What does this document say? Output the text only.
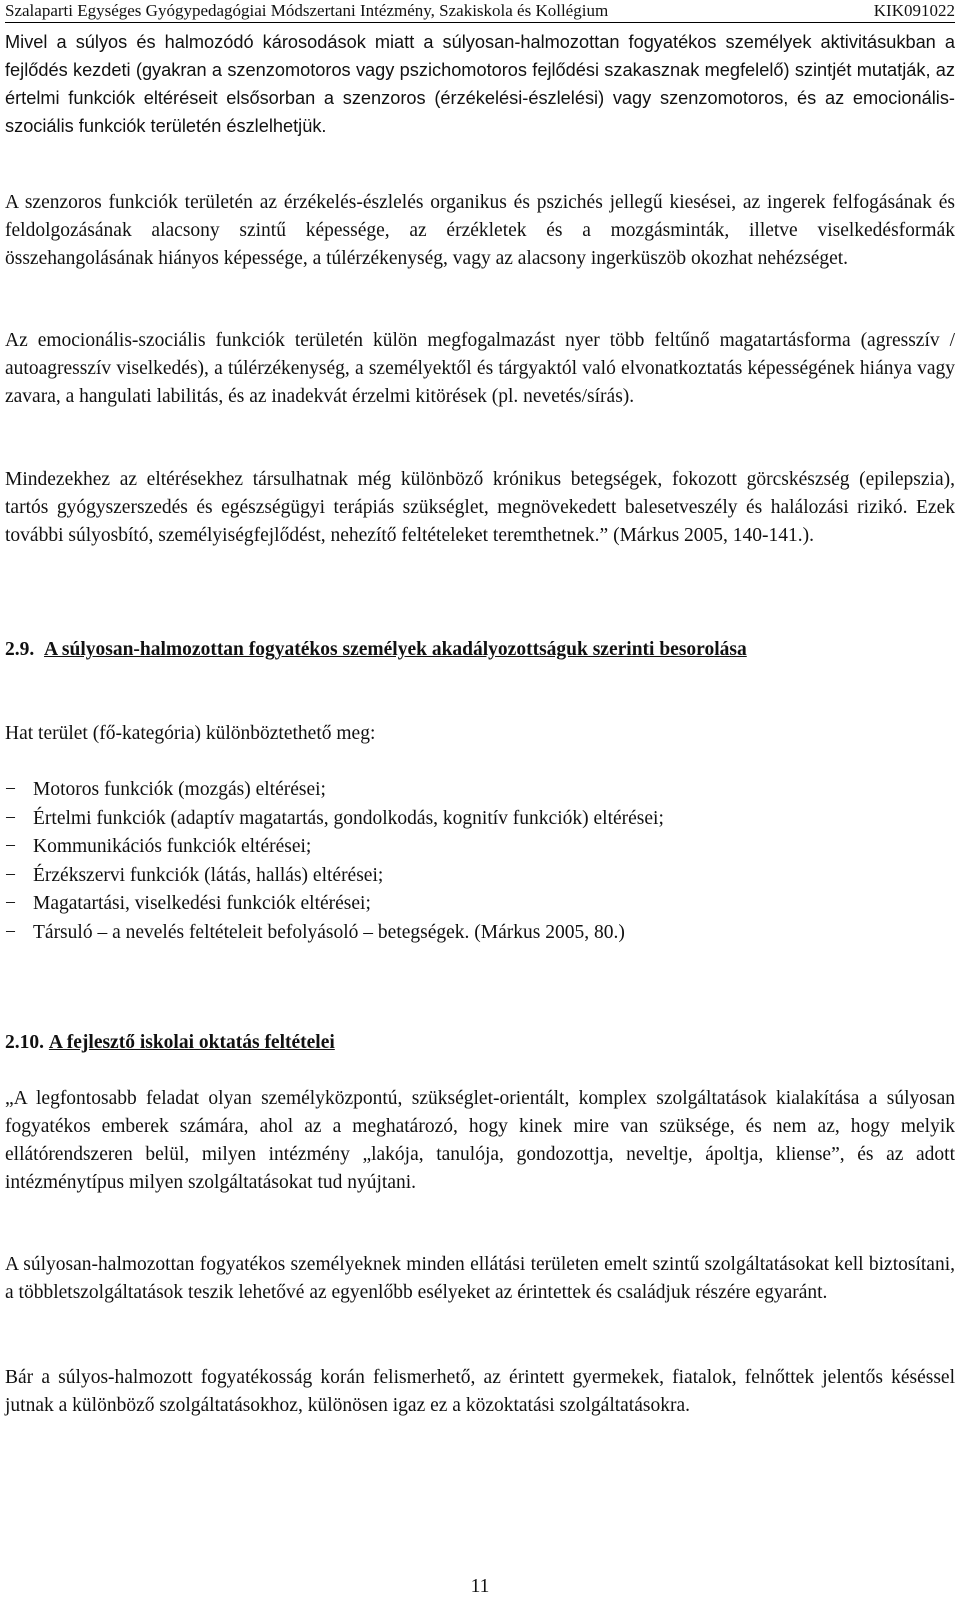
Szalaparti Egységes Gyógypedagógiai Módszertani Intézmény, Szakiskola és Kollégium	KIK091022

Mivel a súlyos és halmozódó károsodások miatt a súlyosan-halmozottan fogyatékos személyek aktivitásukban a fejlődés kezdeti (gyakran a szenzomotoros vagy pszichomotoros fejlődési szakasznak megfelelő) szintjét mutatják, az értelmi funkciók eltéréseit elsősorban a szenzoros (érzékelési-észlelési) vagy szenzomotoros, és az emocionális-szociális funkciók területén észlelhetjük.

A szenzoros funkciók területén az érzékelés-észlelés organikus és pszichés jellegű kiesései, az ingerek felfogásának és feldolgozásának alacsony szintű képessége, az érzékletek és a mozgásminták, illetve viselkedésformák összehangolásának hiányos képessége, a túlérzékenység, vagy az alacsony ingerküszöb okozhat nehézséget.

Az emocionális-szociális funkciók területén külön megfogalmazást nyer több feltűnő magatartásforma (agresszív / autoagresszív viselkedés), a túlérzékenység, a személyektől és tárgyaktól való elvonatkoztatás képességének hiánya vagy zavara, a hangulati labilitás, és az inadekvát érzelmi kitörések (pl. nevetés/sírás).

Mindezekhez az eltérésekhez társulhatnak még különböző krónikus betegségek, fokozott görcskészség (epilepszia), tartós gyógyszerszedés és egészségügyi terápiás szükséglet, megnövekedett balesetveszély és halálozási rizikó. Ezek további súlyosbító, személyiségfejlődést, nehezítő feltételeket teremthetnek.” (Márkus 2005, 140-141.).

2.9. A súlyosan-halmozottan fogyatékos személyek akadályozottságuk szerinti besorolása

Hat terület (fő-kategória) különböztethető meg:

− Motoros funkciók (mozgás) eltérései;
− Értelmi funkciók (adaptív magatartás, gondolkodás, kognitív funkciók) eltérései;
− Kommunikációs funkciók eltérései;
− Érzékszervi funkciók (látás, hallás) eltérései;
− Magatartási, viselkedési funkciók eltérései;
− Társuló – a nevelés feltételeit befolyásoló – betegségek. (Márkus 2005, 80.)

2.10. A fejlesztő iskolai oktatás feltételei

„A legfontosabb feladat olyan személyközpontú, szükséglet-orientált, komplex szolgáltatások kialakítása a súlyosan fogyatékos emberek számára, ahol az a meghatározó, hogy kinek mire van szüksége, és nem az, hogy melyik ellátórendszeren belül, milyen intézmény „lakója, tanulója, gondozottja, neveltje, ápoltja, kliense”, és az adott intézménytípus milyen szolgáltatásokat tud nyújtani.

A súlyosan-halmozottan fogyatékos személyeknek minden ellátási területen emelt szintű szolgáltatásokat kell biztosítani, a többletszolgáltatások teszik lehetővé az egyenlőbb esélyeket az érintettek és családjuk részére egyaránt.

Bár a súlyos-halmozott fogyatékosság korán felismerhető, az érintett gyermekek, fiatalok, felnőttek jelentős késéssel jutnak a különböző szolgáltatásokhoz, különösen igaz ez a közoktatási szolgáltatásokra.

11
